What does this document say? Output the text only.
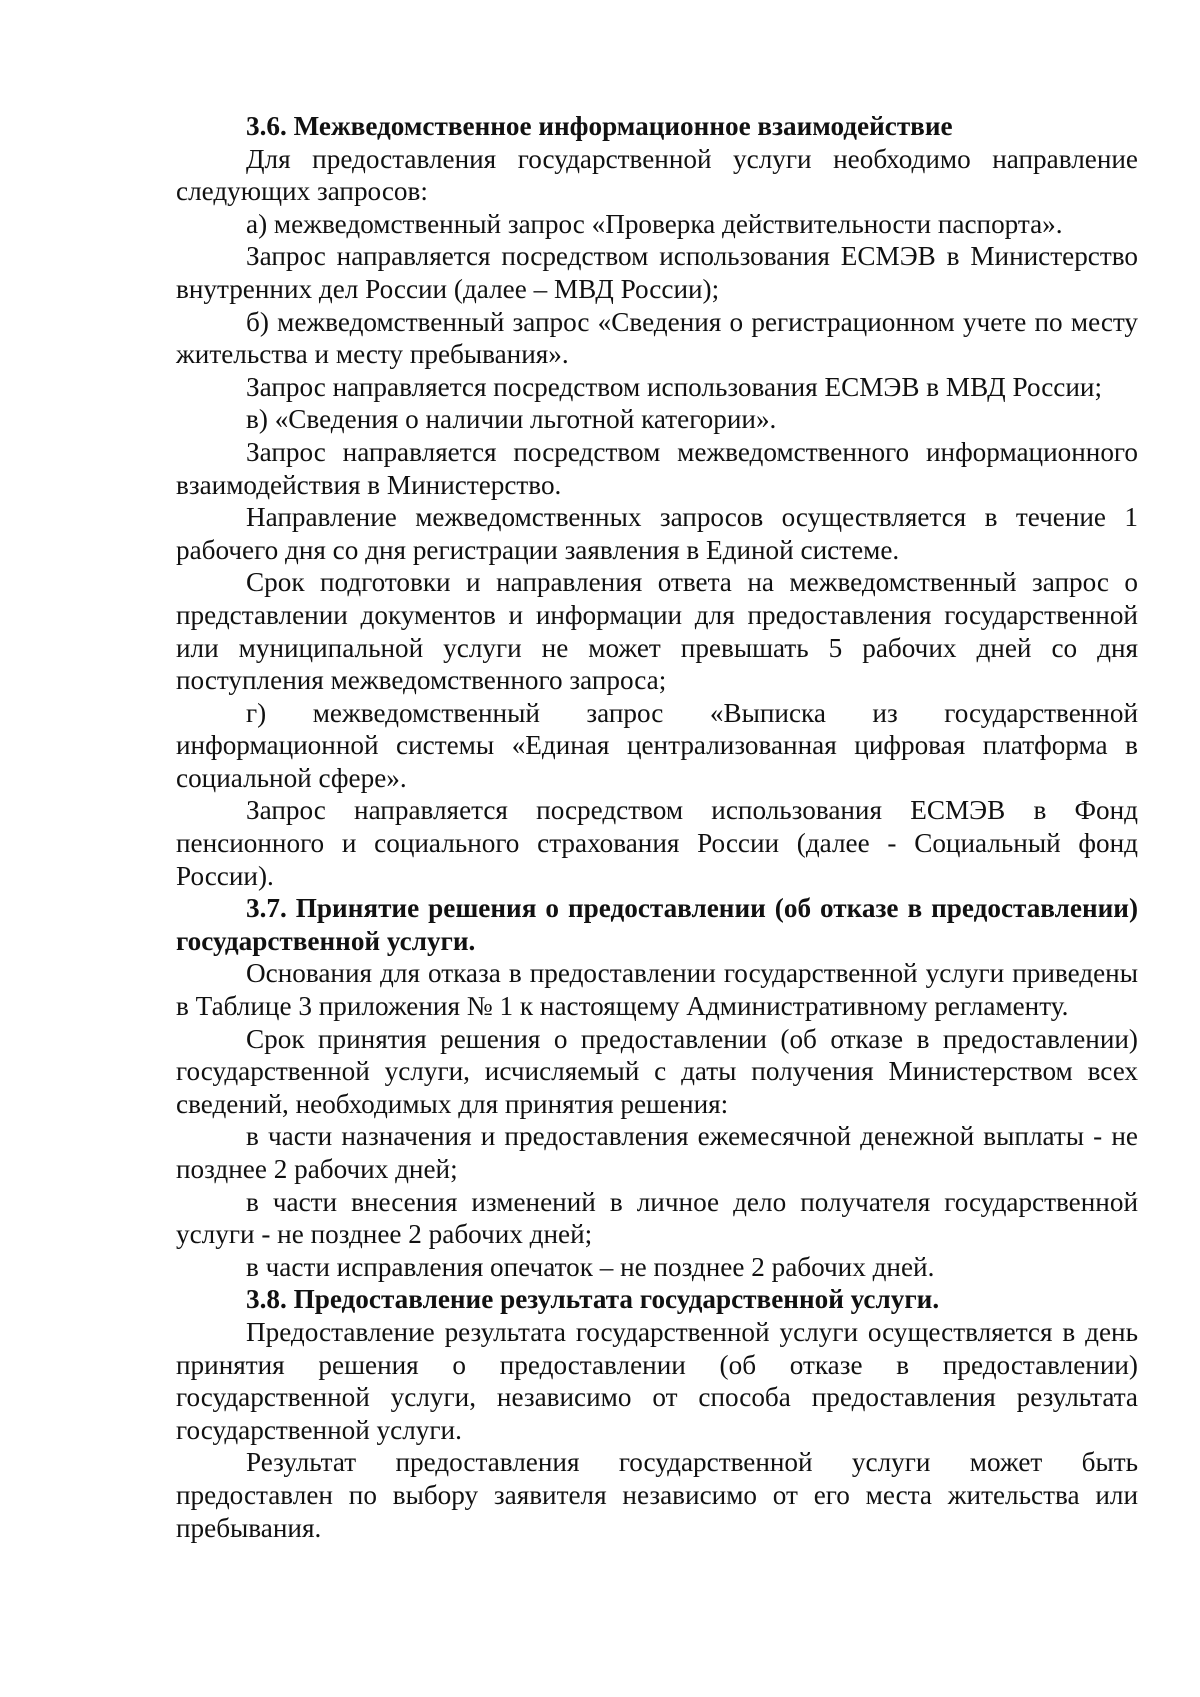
3.6. Межведомственное информационное взаимодействие

Для предоставления государственной услуги необходимо направление следующих запросов:

а) межведомственный запрос «Проверка действительности паспорта».

Запрос направляется посредством использования ЕСМЭВ в Министерство внутренних дел России (далее – МВД России);

б) межведомственный запрос «Сведения о регистрационном учете по месту жительства и месту пребывания».

Запрос направляется посредством использования ЕСМЭВ в МВД России;

в) «Сведения о наличии льготной категории».

Запрос направляется посредством межведомственного информационного взаимодействия в Министерство.

Направление межведомственных запросов осуществляется в течение 1 рабочего дня со дня регистрации заявления в Единой системе.

Срок подготовки и направления ответа на межведомственный запрос о представлении документов и информации для предоставления государственной или муниципальной услуги не может превышать 5 рабочих дней со дня поступления межведомственного запроса;

г) межведомственный запрос «Выписка из государственной информационной системы «Единая централизованная цифровая платформа в социальной сфере».

Запрос направляется посредством использования ЕСМЭВ в Фонд пенсионного и социального страхования России (далее - Социальный фонд России).

3.7. Принятие решения о предоставлении (об отказе в предоставлении) государственной услуги.

Основания для отказа в предоставлении государственной услуги приведены в Таблице 3 приложения № 1 к настоящему Административному регламенту.

Срок принятия решения о предоставлении (об отказе в предоставлении) государственной услуги, исчисляемый с даты получения Министерством всех сведений, необходимых для принятия решения:

в части назначения и предоставления ежемесячной денежной выплаты - не позднее 2 рабочих дней;

в части внесения изменений в личное дело получателя государственной услуги - не позднее 2 рабочих дней;

в части исправления опечаток – не позднее 2 рабочих дней.

3.8. Предоставление результата государственной услуги.

Предоставление результата государственной услуги осуществляется в день принятия решения о предоставлении (об отказе в предоставлении) государственной услуги, независимо от способа предоставления результата государственной услуги.

Результат предоставления государственной услуги может быть предоставлен по выбору заявителя независимо от его места жительства или пребывания.
